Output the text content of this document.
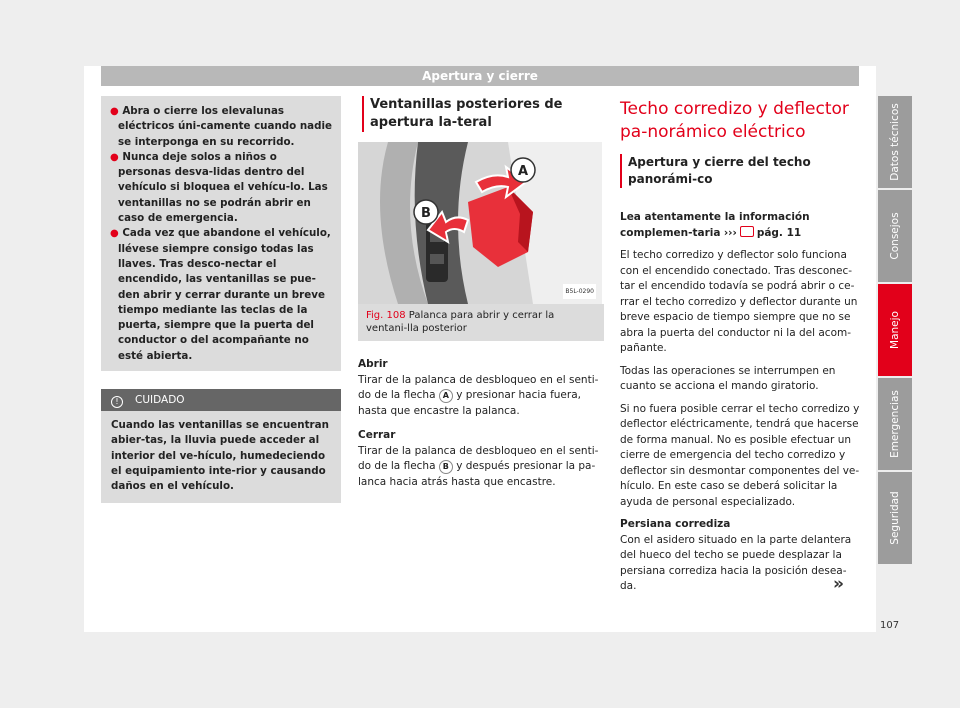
Apertura y cierre

● Abra o cierre los elevalunas eléctricos úni-camente cuando nadie se interponga en su recorrido.

● Nunca deje solos a niños o personas desva-lidas dentro del vehículo si bloquea el vehícu-lo. Las ventanillas no se podrán abrir en caso de emergencia.

● Cada vez que abandone el vehículo, llévese siempre consigo todas las llaves. Tras desco-nectar el encendido, las ventanillas se pue-den abrir y cerrar durante un breve tiempo mediante las teclas de la puerta, siempre que la puerta del conductor o del acompañante no esté abierta.

! CUIDADO
Cuando las ventanillas se encuentran abier-tas, la lluvia puede acceder al interior del ve-hículo, humedeciendo el equipamiento inte-rior y causando daños en el vehículo.
Ventanillas posteriores de apertura la-teral
A
B
B5L-0290
Fig. 108 Palanca para abrir y cerrar la ventani-lla posterior
Abrir

Tirar de la palanca de desbloqueo en el senti-do de la flecha A y presionar hacia fuera, hasta que encastre la palanca.

Cerrar

Tirar de la palanca de desbloqueo en el senti-do de la flecha B y después presionar la pa-lanca hacia atrás hasta que encastre.

Techo corredizo y deflector pa-norámico eléctrico
Apertura y cierre del techo panorámi-co

Lea atentamente la información complemen-taria ››› pág. 11

El techo corredizo y deflector solo funciona con el encendido conectado. Tras desconec-tar el encendido todavía se podrá abrir o ce-rrar el techo corredizo y deflector durante un breve espacio de tiempo siempre que no se abra la puerta del conductor ni la del acom-pañante.

Todas las operaciones se interrumpen en cuanto se acciona el mando giratorio.

Si no fuera posible cerrar el techo corredizo y deflector eléctricamente, tendrá que hacerse de forma manual. No es posible efectuar un cierre de emergencia del techo corredizo y deflector sin desmontar componentes del ve-hículo. En este caso se deberá solicitar la ayuda de personal especializado.

Persiana corrediza

Con el asidero situado en la parte delantera del hueco del techo se puede desplazar la persiana corrediza hacia la posición desea-da.

Datos técnicos
Consejos
Manejo
Emergencias
Seguridad
»
107
